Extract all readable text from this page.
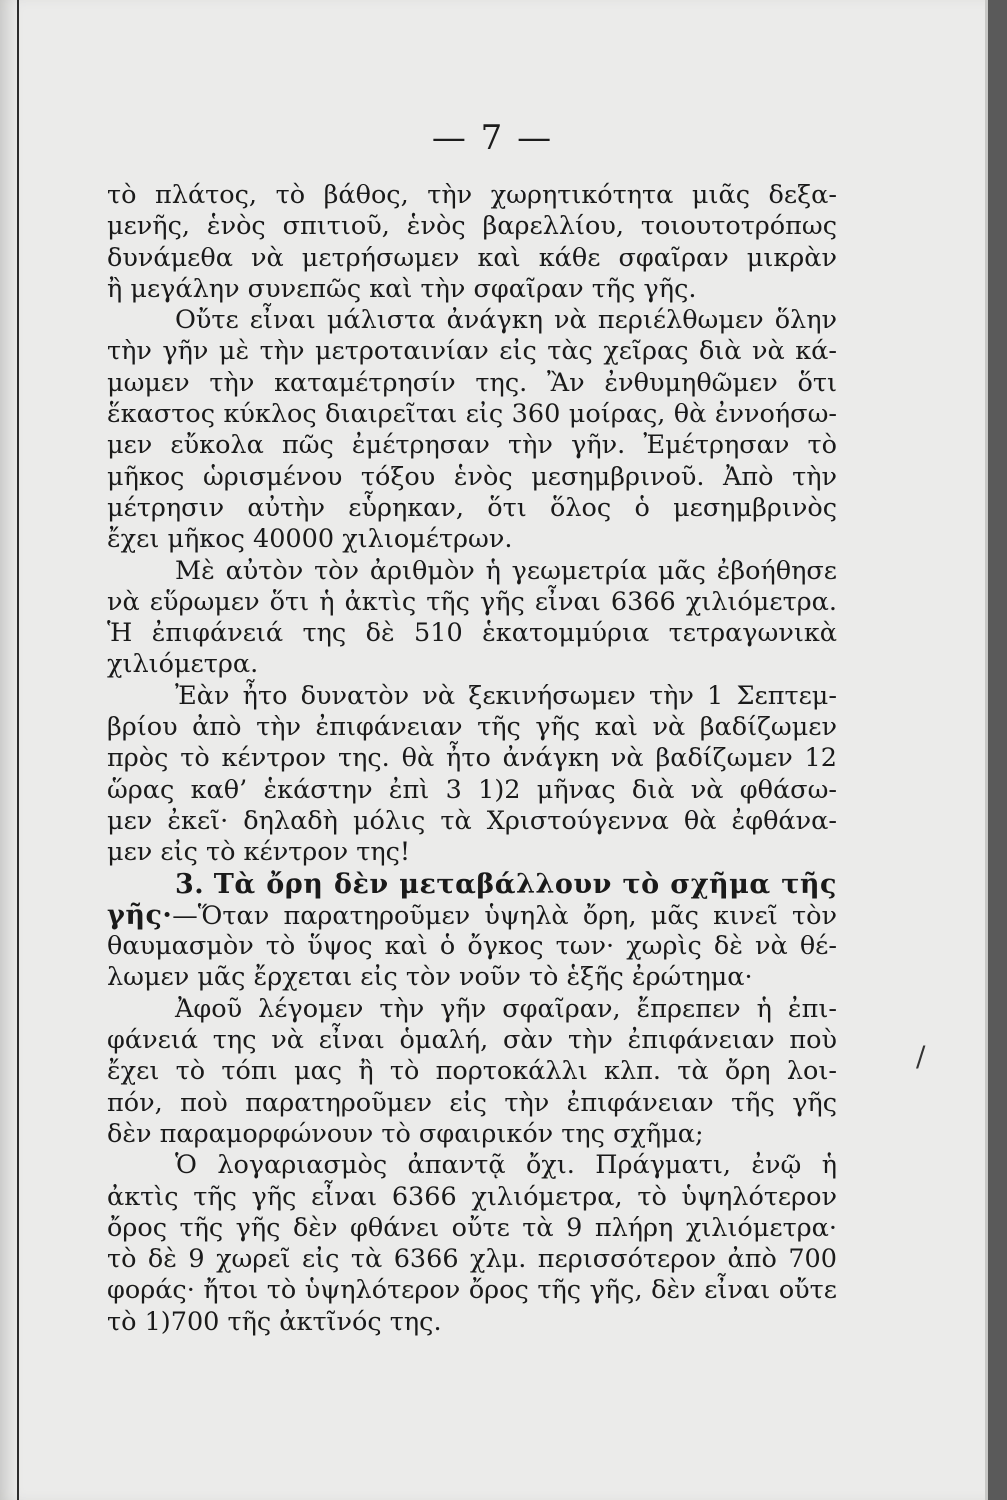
— 7 —
τὸ πλάτος, τὸ βάθος, τὴν χωρητικότητα μιᾶς δεξα-
μενῆς, ἑνὸς σπιτιοῦ, ἑνὸς βαρελλίου, τοιουτοτρόπως
δυνάμεθα νὰ μετρήσωμεν καὶ κάθε σφαῖραν μικρὰν
ἢ μεγάλην συνεπῶς καὶ τὴν σφαῖραν τῆς γῆς.
Οὔτε εἶναι μάλιστα ἀνάγκη νὰ περιέλθωμεν ὅλην
τὴν γῆν μὲ τὴν μετροταινίαν εἰς τὰς χεῖρας διὰ νὰ κά-
μωμεν τὴν καταμέτρησίν της. Ἂν ἐνθυμηθῶμεν ὅτι
ἕκαστος κύκλος διαιρεῖται εἰς 360 μοίρας, θὰ ἐννοήσω-
μεν εὔκολα πῶς ἐμέτρησαν τὴν γῆν. Ἐμέτρησαν τὸ
μῆκος ὡρισμένου τόξου ἑνὸς μεσημβρινοῦ. Ἀπὸ τὴν
μέτρησιν αὐτὴν εὗρηκαν, ὅτι ὅλος ὁ μεσημβρινὸς
ἔχει μῆκος 40000 χιλιομέτρων.
Μὲ αὐτὸν τὸν ἀριθμὸν ἡ γεωμετρία μᾶς ἐβοήθησε
νὰ εὕρωμεν ὅτι ἡ ἀκτὶς τῆς γῆς εἶναι 6366 χιλιόμετρα.
Ἡ ἐπιφάνειά της δὲ 510 ἑκατομμύρια τετραγωνικὰ
χιλιόμετρα.
Ἐὰν ἦτο δυνατὸν νὰ ξεκινήσωμεν τὴν 1 Σεπτεμ-
βρίου ἀπὸ τὴν ἐπιφάνειαν τῆς γῆς καὶ νὰ βαδίζωμεν
πρὸς τὸ κέντρον της. θὰ ἦτο ἀνάγκη νὰ βαδίζωμεν 12
ὥρας καθ’ ἑκάστην ἐπὶ 3 1)2 μῆνας διὰ νὰ φθάσω-
μεν ἐκεῖ· δηλαδὴ μόλις τὰ Χριστούγεννα θὰ ἐφθάνα-
μεν εἰς τὸ κέντρον της!
3. Τὰ ὄρη δὲν μεταβάλλουν τὸ σχῆμα τῆς
γῆς·—Ὅταν παρατηροῦμεν ὑψηλὰ ὄρη, μᾶς κινεῖ τὸν
θαυμασμὸν τὸ ὕψος καὶ ὁ ὄγκος των· χωρὶς δὲ νὰ θέ-
λωμεν μᾶς ἔρχεται εἰς τὸν νοῦν τὸ ἑξῆς ἐρώτημα·
Ἀφοῦ λέγομεν τὴν γῆν σφαῖραν, ἔπρεπεν ἡ ἐπι-
φάνειά της νὰ εἶναι ὁμαλή, σὰν τὴν ἐπιφάνειαν ποὺ
ἔχει τὸ τόπι μας ἢ τὸ πορτοκάλλι κλπ. τὰ ὄρη λοι-
πόν, ποὺ παρατηροῦμεν εἰς τὴν ἐπιφάνειαν τῆς γῆς
δὲν παραμορφώνουν τὸ σφαιρικόν της σχῆμα;
Ὁ λογαριασμὸς ἀπαντᾷ ὄχι. Πράγματι, ἐνῷ ἡ
ἀκτὶς τῆς γῆς εἶναι 6366 χιλιόμετρα, τὸ ὑψηλότερον
ὄρος τῆς γῆς δὲν φθάνει οὔτε τὰ 9 πλήρη χιλιόμετρα·
τὸ δὲ 9 χωρεῖ εἰς τὰ 6366 χλμ. περισσότερον ἀπὸ 700
φοράς· ἤτοι τὸ ὑψηλότερον ὄρος τῆς γῆς, δὲν εἶναι οὔτε
τὸ 1)700 τῆς ἀκτῖνός της.
/
